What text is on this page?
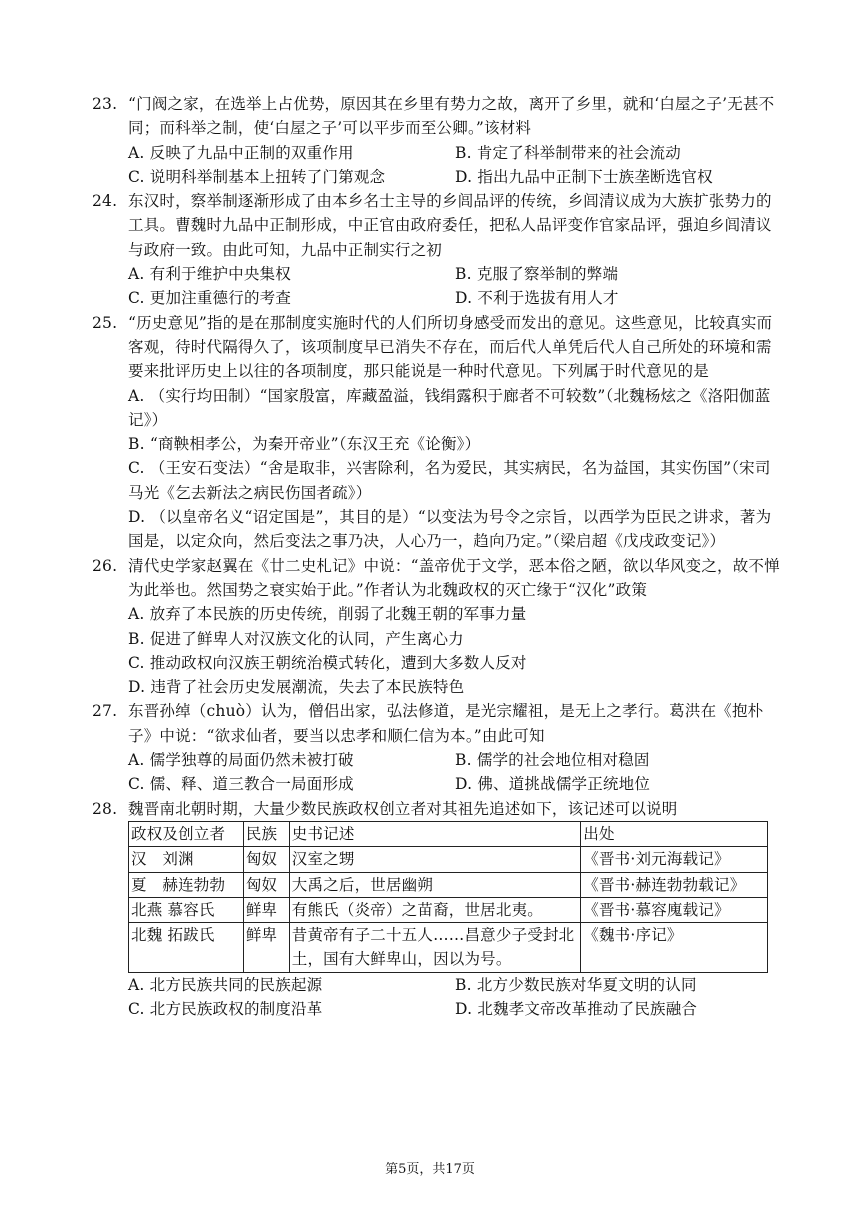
23. “门阀之家，在选举上占优势，原因其在乡里有势力之故，离开了乡里，就和‘白屋之子’无甚不同；而科举之制，使‘白屋之子’可以平步而至公卿。”该材料
A. 反映了九品中正制的双重作用	B. 肯定了科举制带来的社会流动
C. 说明科举制基本上扭转了门第观念	D. 指出九品中正制下士族垄断选官权
24. 东汉时，察举制逐渐形成了由本乡名士主导的乡闾品评的传统，乡闾清议成为大族扩张势力的工具。曹魏时九品中正制形成，中正官由政府委任，把私人品评变作官家品评，强迫乡闾清议与政府一致。由此可知，九品中正制实行之初
A. 有利于维护中央集权	B. 克服了察举制的弊端
C. 更加注重德行的考查	D. 不利于选拔有用人才
25. “历史意见”指的是在那制度实施时代的人们所切身感受而发出的意见。这些意见，比较真实而客观，待时代隔得久了，该项制度早已消失不存在，而后代人单凭后代人自己所处的环境和需要来批评历史上以往的各项制度，那只能说是一种时代意见。下列属于时代意见的是
A. （实行均田制）“国家殷富，库藏盈溢，钱绢露积于廊者不可较数”（北魏杨炫之《洛阳伽蓝记》）
B. “商鞅相孝公，为秦开帝业”（东汉王充《论衡》）
C. （王安石变法）“舍是取非，兴害除利，名为爱民，其实病民，名为益国，其实伤国”（宋司马光《乞去新法之病民伤国者疏》）
D. （以皇帝名义“诏定国是”，其目的是）“以变法为号令之宗旨，以西学为臣民之讲求，著为国是，以定众向，然后变法之事乃决，人心乃一，趋向乃定。”（梁启超《戊戌政变记》）
26. 清代史学家赵翼在《廿二史札记》中说：“盖帝优于文学，恶本俗之陋，欲以华风变之，故不惮为此举也。然国势之衰实始于此。”作者认为北魏政权的灭亡缘于“汉化”政策
A. 放弃了本民族的历史传统，削弱了北魏王朝的军事力量
B. 促进了鲜卑人对汉族文化的认同，产生离心力
C. 推动政权向汉族王朝统治模式转化，遭到大多数人反对
D. 违背了社会历史发展潮流，失去了本民族特色
27. 东晋孙绰（chuò）认为，僧侣出家，弘法修道，是光宗耀祖，是无上之孝行。葛洪在《抱朴子》中说：“欲求仙者，要当以忠孝和顺仁信为本。”由此可知
A. 儒学独尊的局面仍然未被打破	B. 儒学的社会地位相对稳固
C. 儒、释、道三教合一局面形成	D. 佛、道挑战儒学正统地位
28. 魏晋南北朝时期，大量少数民族政权创立者对其祖先追述如下，该记述可以说明
政权及创立者	民族	史书记述	出处
汉　刘渊	匈奴	汉室之甥	《晋书·刘元海载记》
夏　赫连勃勃	匈奴	大禹之后，世居幽朔	《晋书·赫连勃勃载记》
北燕 慕容氏	鲜卑	有熊氏（炎帝）之苗裔，世居北夷。	《晋书·慕容廆载记》
北魏 拓跋氏	鲜卑	昔黄帝有子二十五人……昌意少子受封北土，国有大鲜卑山，因以为号。	《魏书·序记》
A. 北方民族共同的民族起源	B. 北方少数民族对华夏文明的认同
C. 北方民族政权的制度沿革	D. 北魏孝文帝改革推动了民族融合
第5页，共17页
